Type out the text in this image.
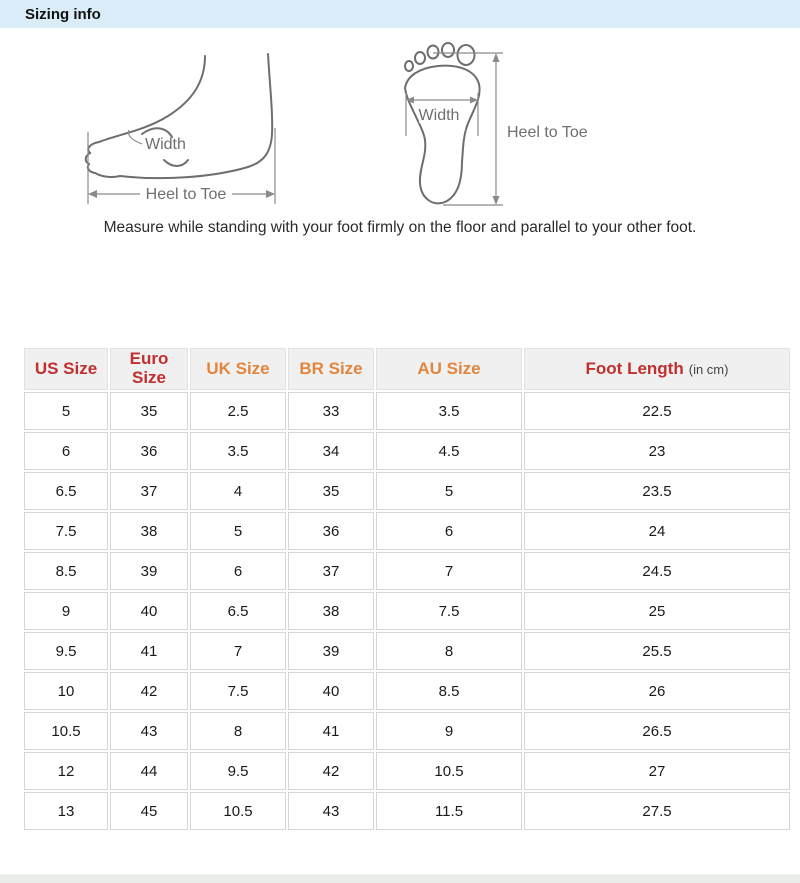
Sizing info
Width
Heel to Toe
Width
Heel to Toe
Measure while standing with your foot firmly on the floor and parallel to your other foot.
US Size	Euro Size	UK Size	BR Size	AU Size	Foot Length (in cm)
5	35	2.5	33	3.5	22.5
6	36	3.5	34	4.5	23
6.5	37	4	35	5	23.5
7.5	38	5	36	6	24
8.5	39	6	37	7	24.5
9	40	6.5	38	7.5	25
9.5	41	7	39	8	25.5
10	42	7.5	40	8.5	26
10.5	43	8	41	9	26.5
12	44	9.5	42	10.5	27
13	45	10.5	43	11.5	27.5
